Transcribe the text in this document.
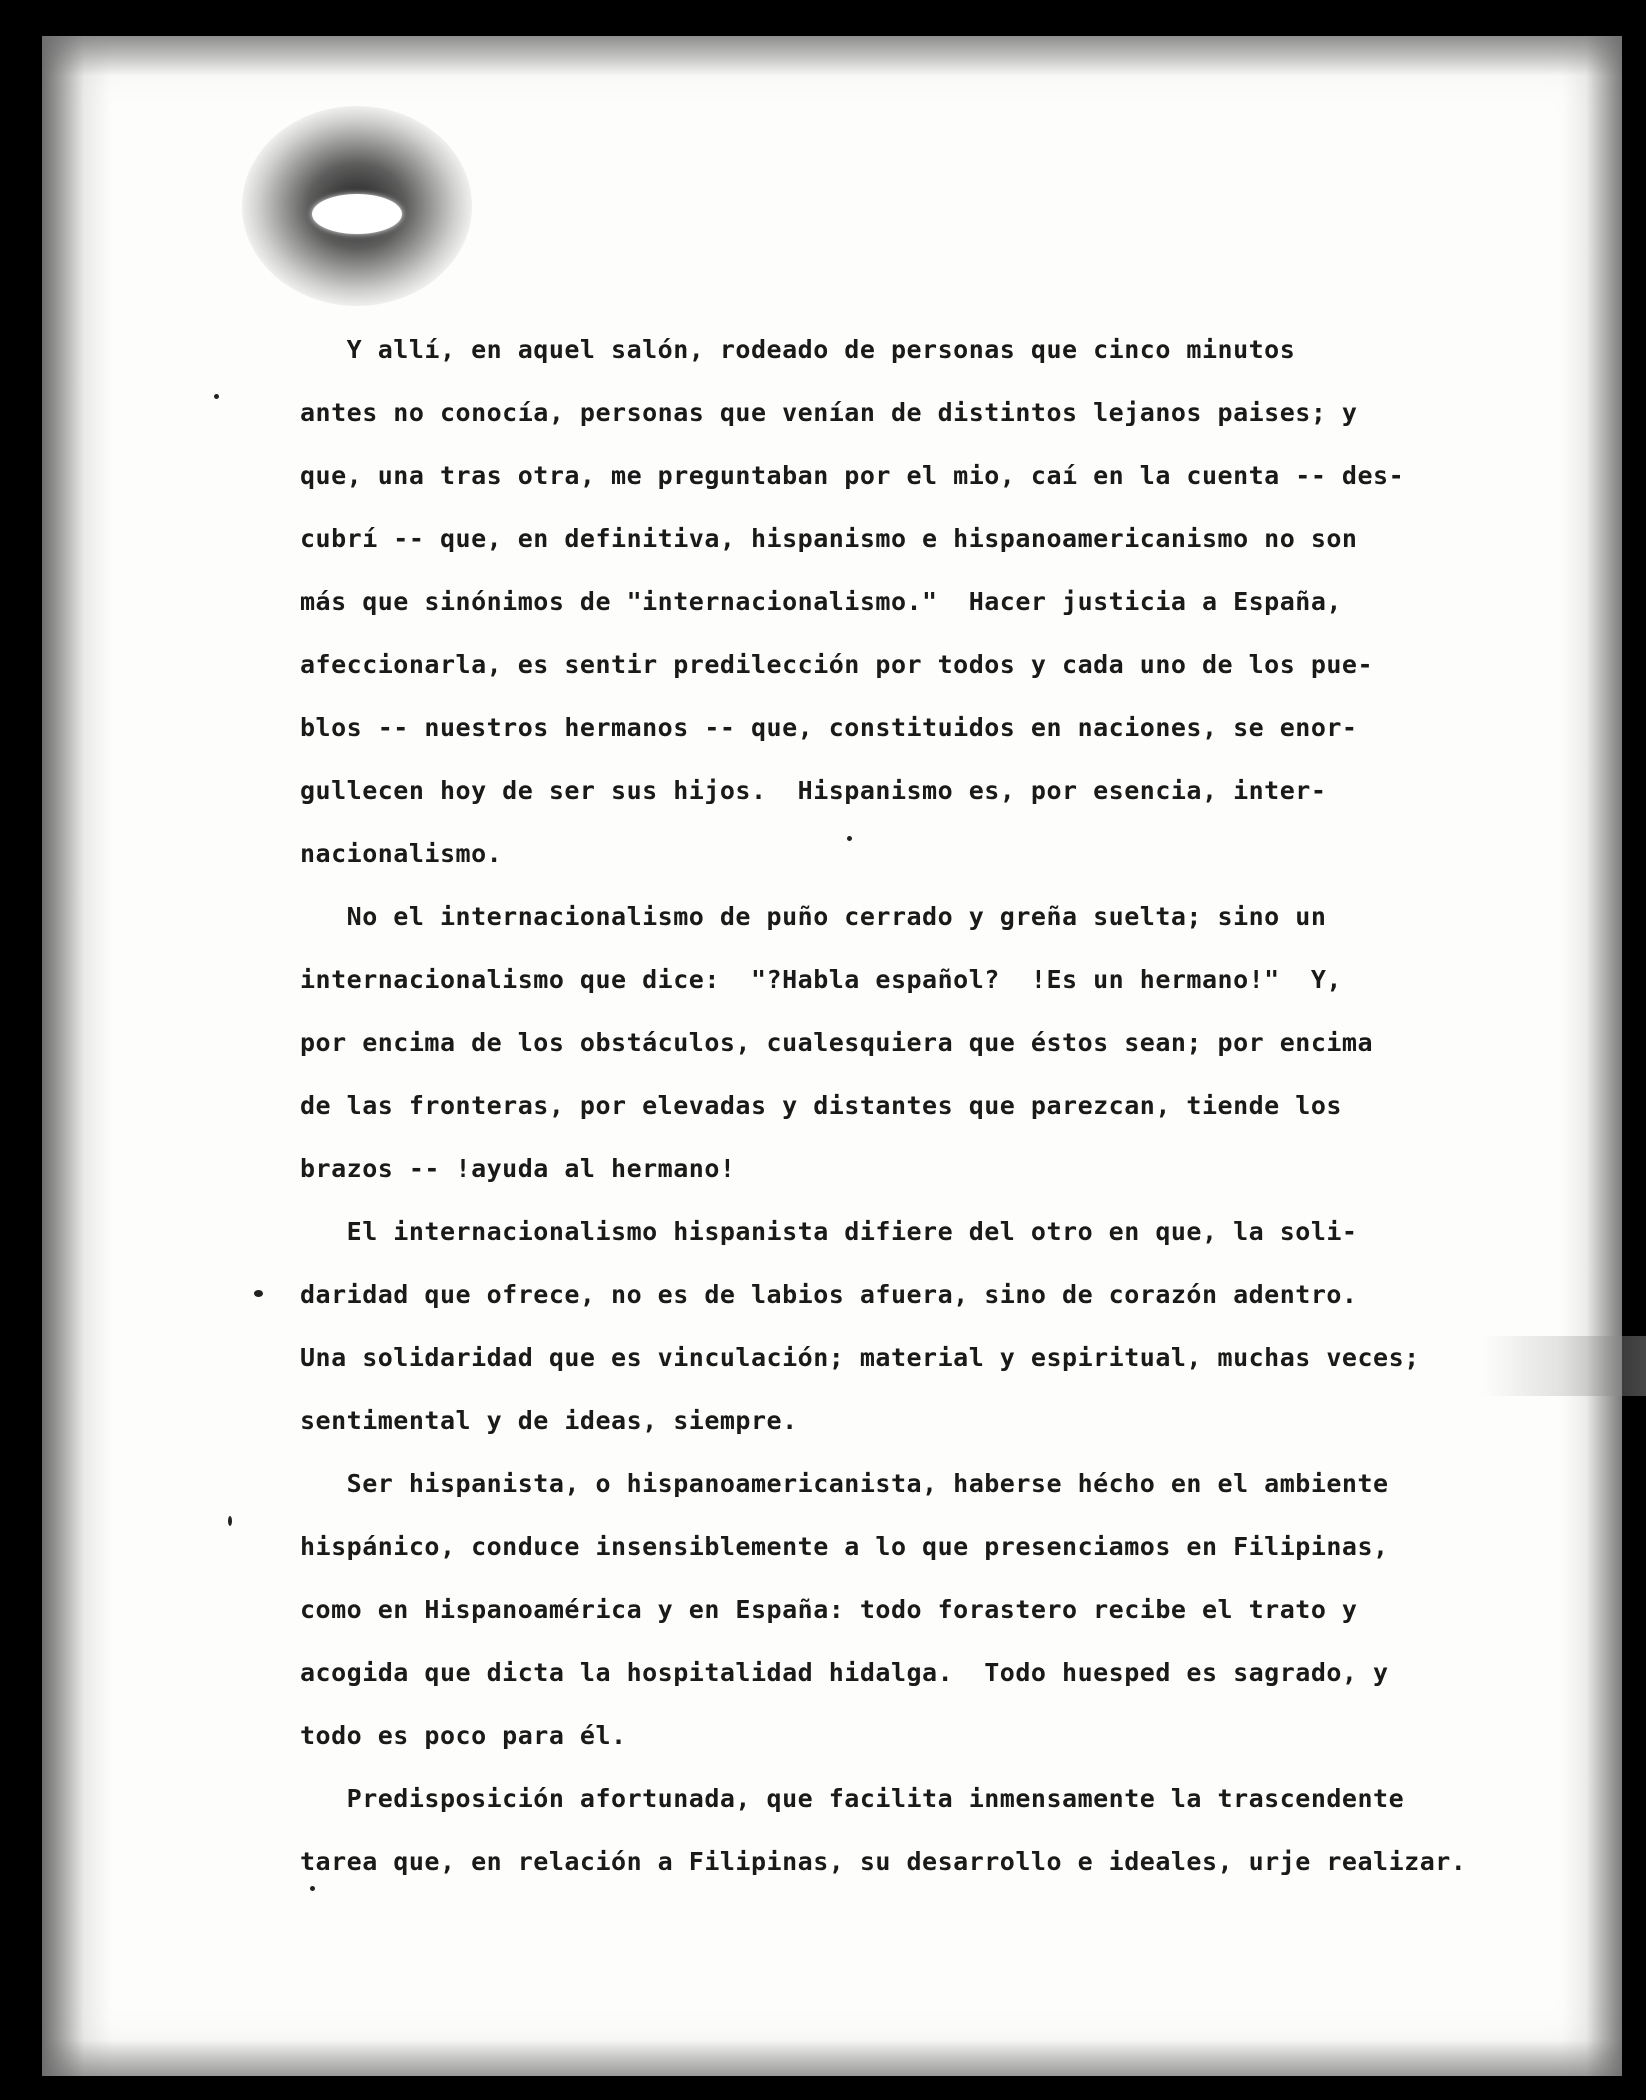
Y allí, en aquel salón, rodeado de personas que cinco minutos
antes no conocía, personas que venían de distintos lejanos paises; y
que, una tras otra, me preguntaban por el mio, caí en la cuenta -- des-
cubrí -- que, en definitiva, hispanismo e hispanoamericanismo no son
más que sinónimos de "internacionalismo."  Hacer justicia a España,
afeccionarla, es sentir predilección por todos y cada uno de los pue-
blos -- nuestros hermanos -- que, constituidos en naciones, se enor-
gullecen hoy de ser sus hijos.  Hispanismo es, por esencia, inter-
nacionalismo.
No el internacionalismo de puño cerrado y greña suelta; sino un
internacionalismo que dice:  "?Habla español?  !Es un hermano!"  Y,
por encima de los obstáculos, cualesquiera que éstos sean; por encima
de las fronteras, por elevadas y distantes que parezcan, tiende los
brazos -- !ayuda al hermano!
El internacionalismo hispanista difiere del otro en que, la soli-
daridad que ofrece, no es de labios afuera, sino de corazón adentro.
Una solidaridad que es vinculación; material y espiritual, muchas veces;
sentimental y de ideas, siempre.
Ser hispanista, o hispanoamericanista, haberse hécho en el ambiente
hispánico, conduce insensiblemente a lo que presenciamos en Filipinas,
como en Hispanoamérica y en España: todo forastero recibe el trato y
acogida que dicta la hospitalidad hidalga.  Todo huesped es sagrado, y
todo es poco para él.
Predisposición afortunada, que facilita inmensamente la trascendente
tarea que, en relación a Filipinas, su desarrollo e ideales, urje realizar.
